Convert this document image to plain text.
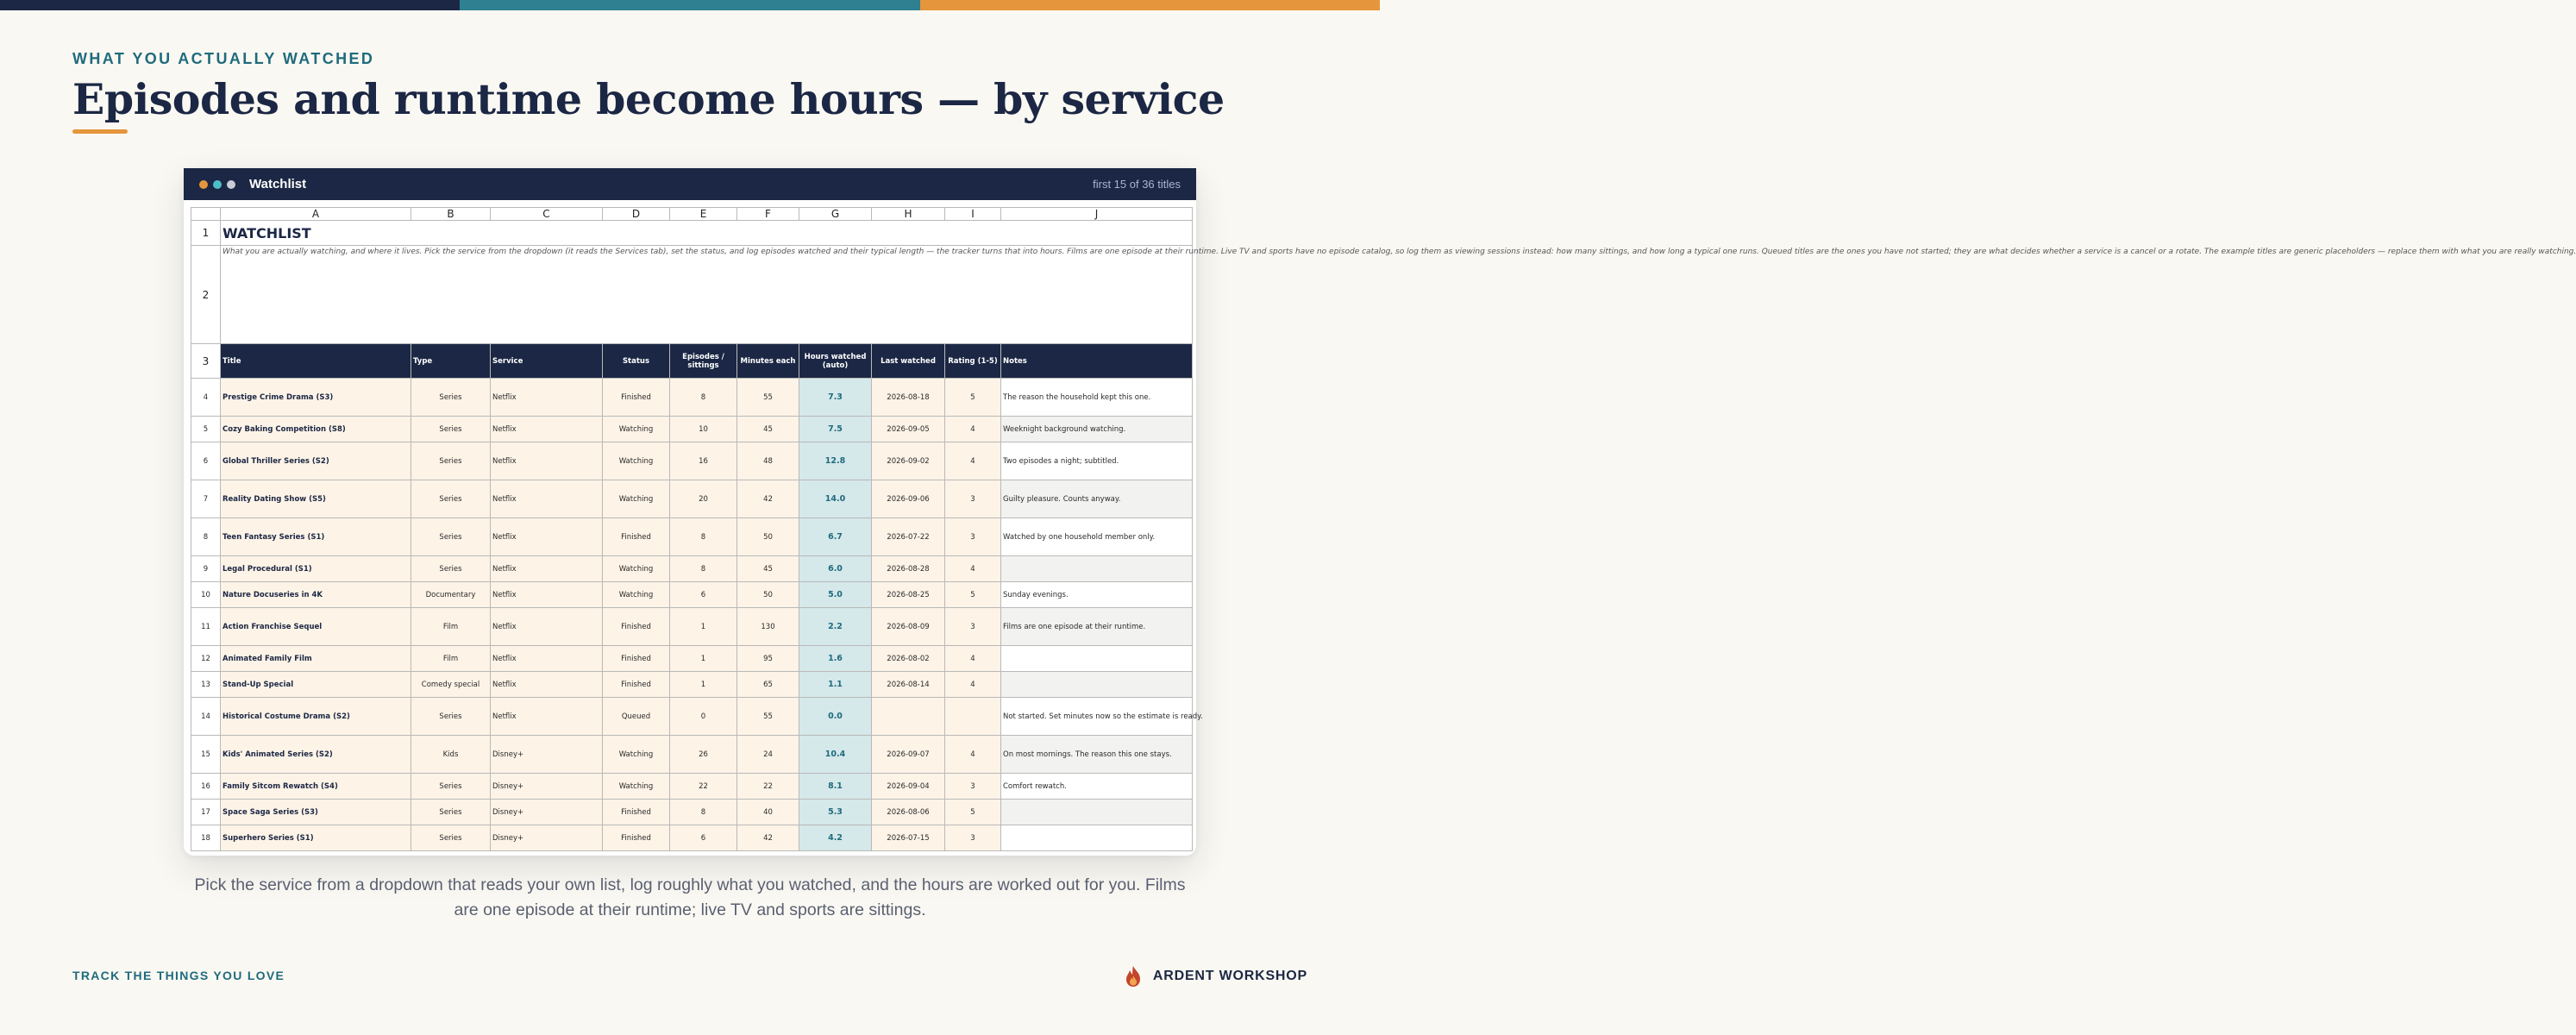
WHAT YOU ACTUALLY WATCHED
Episodes and runtime become hours — by service
Watchlist	first 15 of 36 titles
	A	B	C	D	E	F	G	H	I	J
1	WATCHLIST									
2	What you are actually watching, and where it lives. Pick the service from the dropdown (it reads the Services tab), set the status, and log episodes watched and their typical length — the tracker turns that into hours. Films are one episode at their runtime. Live TV and sports have no episode catalog, so log them as viewing sessions instead: how many sittings, and how long a typical one runs. Queued titles are the ones you have not started; they are what decides whether a service is a cancel or a rotate. The example titles are generic placeholders — replace them with what you are really watching.									
3	Title	Type	Service	Status	Episodes / sittings	Minutes each	Hours watched (auto)	Last watched	Rating (1-5)	Notes
4	Prestige Crime Drama (S3)	Series	Netflix	Finished	8	55	7.3	2026-08-18	5	The reason the household kept this one.
5	Cozy Baking Competition (S8)	Series	Netflix	Watching	10	45	7.5	2026-09-05	4	Weeknight background watching.
6	Global Thriller Series (S2)	Series	Netflix	Watching	16	48	12.8	2026-09-02	4	Two episodes a night; subtitled.
7	Reality Dating Show (S5)	Series	Netflix	Watching	20	42	14.0	2026-09-06	3	Guilty pleasure. Counts anyway.
8	Teen Fantasy Series (S1)	Series	Netflix	Finished	8	50	6.7	2026-07-22	3	Watched by one household member only.
9	Legal Procedural (S1)	Series	Netflix	Watching	8	45	6.0	2026-08-28	4	
10	Nature Docuseries in 4K	Documentary	Netflix	Watching	6	50	5.0	2026-08-25	5	Sunday evenings.
11	Action Franchise Sequel	Film	Netflix	Finished	1	130	2.2	2026-08-09	3	Films are one episode at their runtime.
12	Animated Family Film	Film	Netflix	Finished	1	95	1.6	2026-08-02	4	
13	Stand-Up Special	Comedy special	Netflix	Finished	1	65	1.1	2026-08-14	4	
14	Historical Costume Drama (S2)	Series	Netflix	Queued	0	55	0.0			Not started. Set minutes now so the estimate is ready.
15	Kids' Animated Series (S2)	Kids	Disney+	Watching	26	24	10.4	2026-09-07	4	On most mornings. The reason this one stays.
16	Family Sitcom Rewatch (S4)	Series	Disney+	Watching	22	22	8.1	2026-09-04	3	Comfort rewatch.
17	Space Saga Series (S3)	Series	Disney+	Finished	8	40	5.3	2026-08-06	5	
18	Superhero Series (S1)	Series	Disney+	Finished	6	42	4.2	2026-07-15	3	
Pick the service from a dropdown that reads your own list, log roughly what you watched, and the hours are worked out for you. Films are one episode at their runtime; live TV and sports are sittings.
TRACK THE THINGS YOU LOVE	ARDENT WORKSHOP
